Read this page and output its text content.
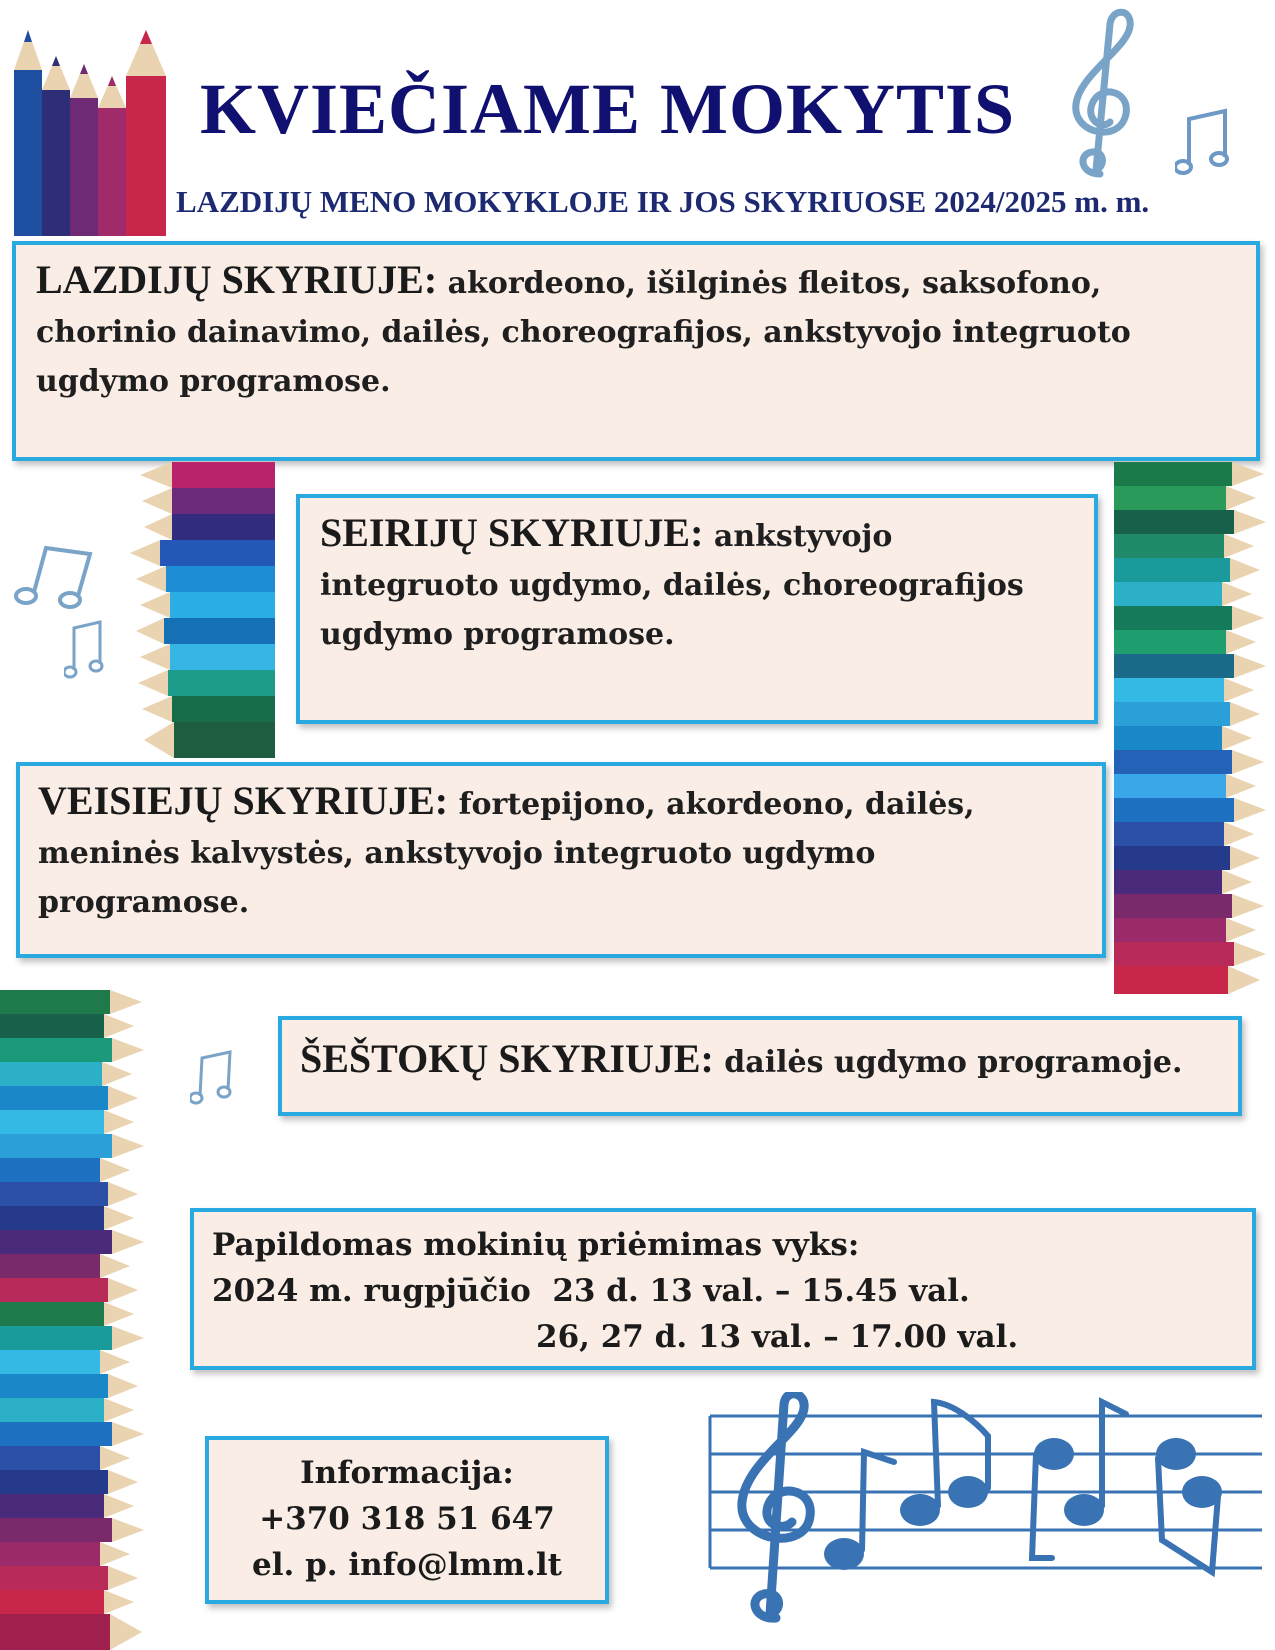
KVIEČIAME MOKYTIS
LAZDIJŲ MENO MOKYKLOJE IR JOS SKYRIUOSE 2024/2025 m. m.

LAZDIJŲ SKYRIUJE: akordeono, išilginės fleitos, saksofono, chorinio dainavimo, dailės, choreografijos, ankstyvojo integruoto ugdymo programose.

SEIRIJŲ SKYRIUJE: ankstyvojo integruoto ugdymo, dailės, choreografijos ugdymo programose.

VEISIEJŲ SKYRIUJE: fortepijono, akordeono, dailės, meninės kalvystės, ankstyvojo integruoto ugdymo programose.

ŠEŠTOKŲ SKYRIUJE: dailės ugdymo programoje.

Papildomas mokinių priėmimas vyks:
2024 m. rugpjūčio  23 d. 13 val. – 15.45 val.
26, 27 d. 13 val. – 17.00 val.
Informacija:
+370 318 51 647
el. p. info@lmm.lt
